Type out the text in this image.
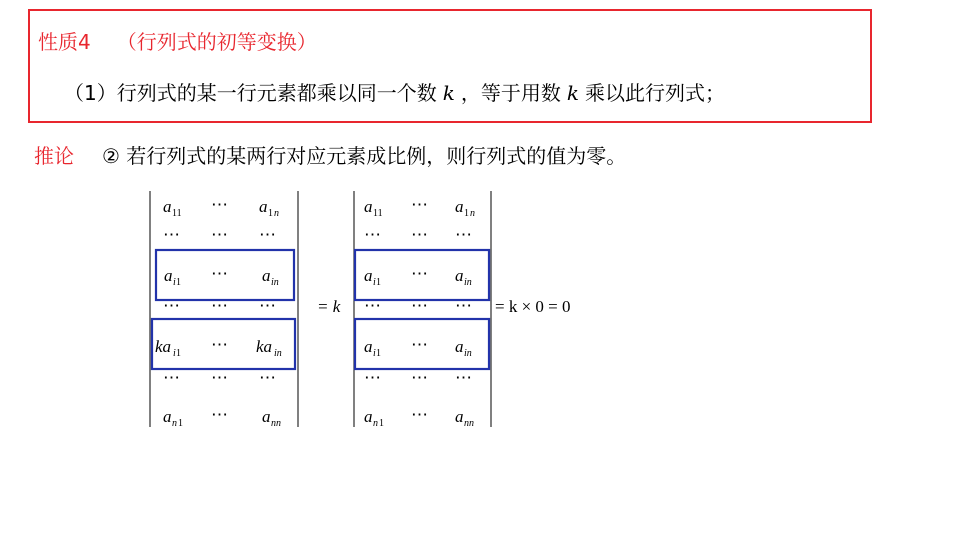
性质4 （行列式的初等变换）
（1）行列式的某一行元素都乘以同一个数 k ，等于用数 k 乘以此行列式；
推论 ② 若行列式的某两行对应元素成比例，则行列式的值为零。
a 11 ⋯ a 1 n
⋯ ⋯ ⋯
a i 1 ⋯ a in
⋯ ⋯ ⋯
ka i 1 ⋯ ka in
⋯ ⋯ ⋯
a n 1 ⋯ a nn
= k
a 11 ⋯ a 1 n
⋯ ⋯ ⋯
a i 1 ⋯ a in
⋯ ⋯ ⋯
a i 1 ⋯ a in
⋯ ⋯ ⋯
a n 1 ⋯ a nn
= k × 0 = 0
